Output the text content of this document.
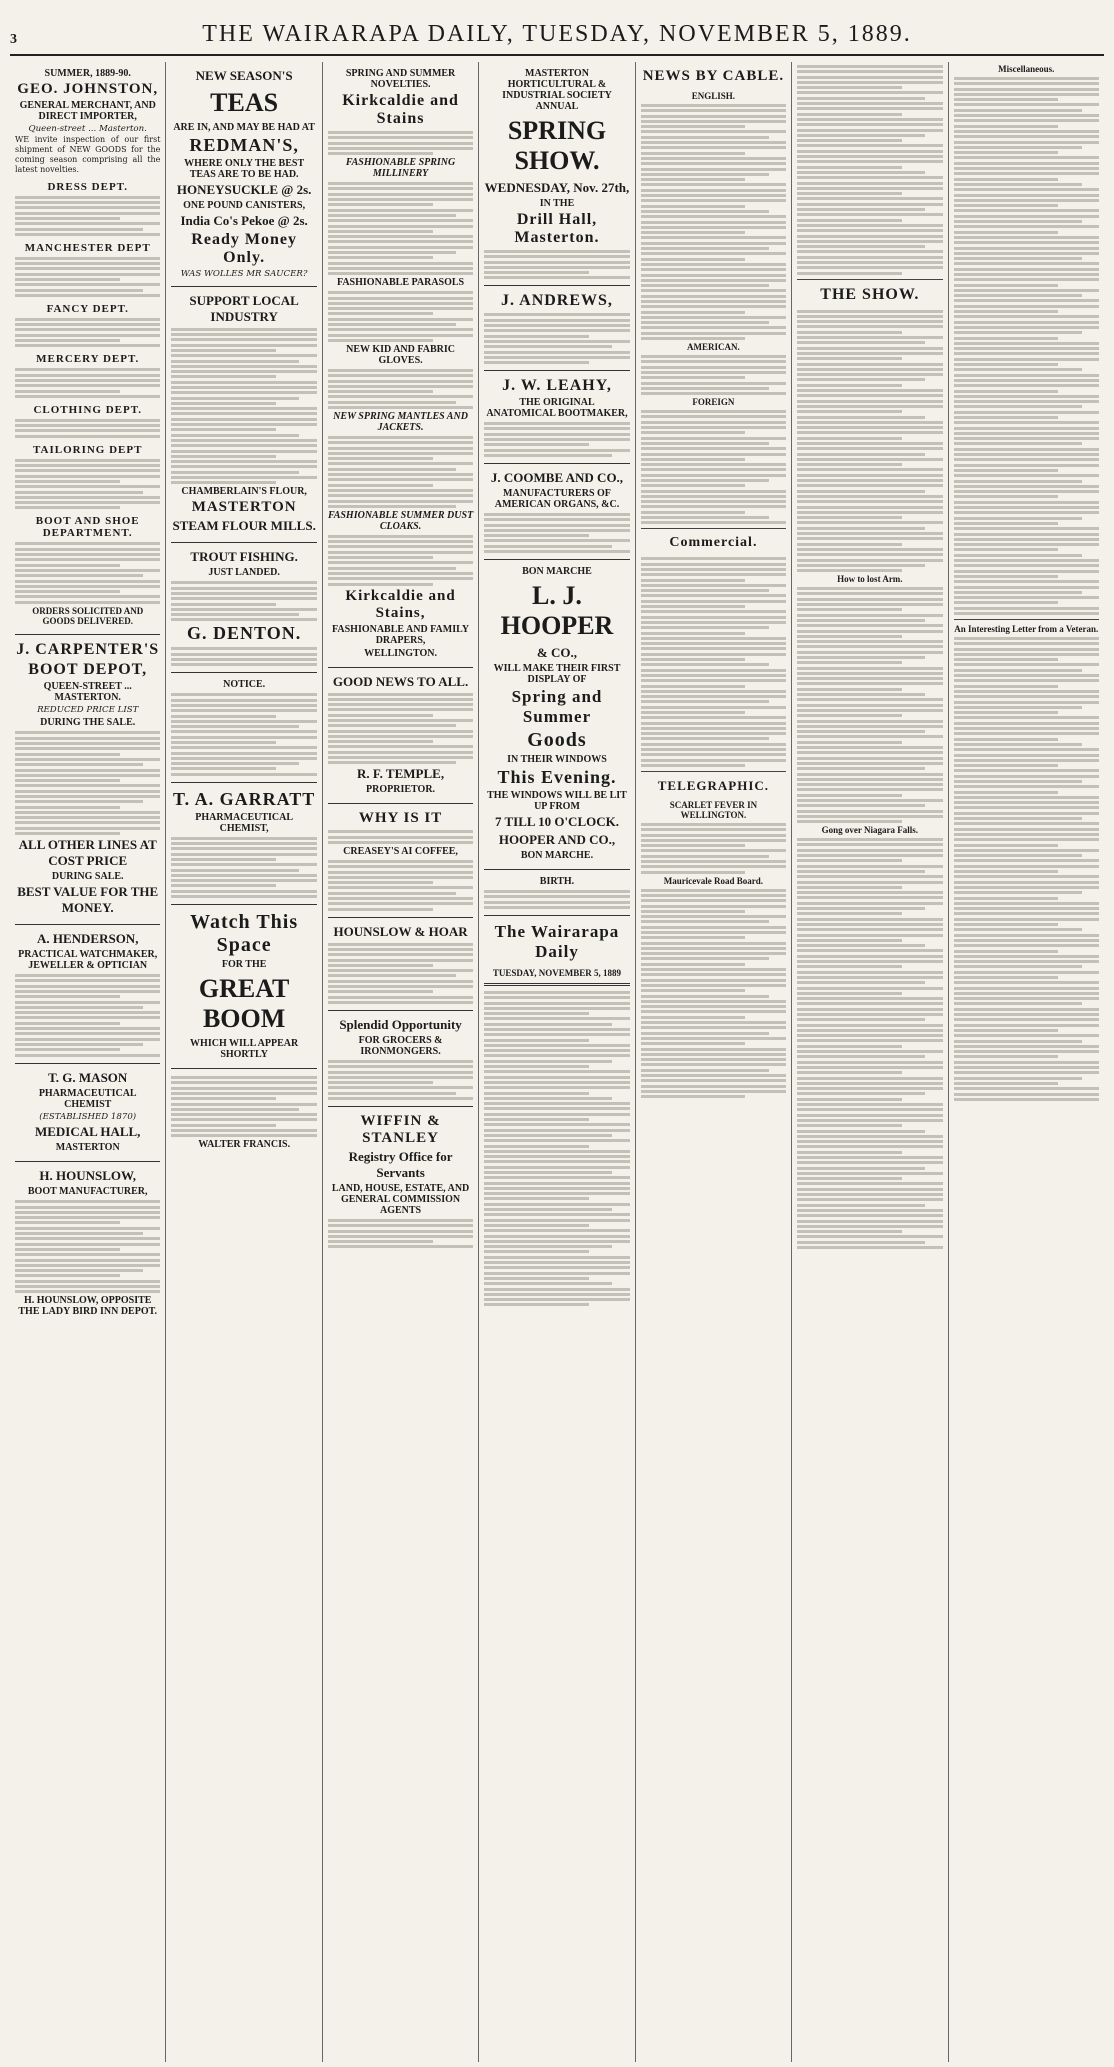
3	THE WAIRARAPA DAILY, TUESDAY, NOVEMBER 5, 1889.
SUMMER, 1889-90.
GEO. JOHNSTON,
GENERAL MERCHANT, AND DIRECT IMPORTER,
Queen-street ... Masterton.
WE invite inspection of our first shipment of NEW GOODS for the coming season comprising all the latest novelties.
DRESS DEPT.
MANCHESTER DEPT
FANCY DEPT.
MERCERY DEPT.
CLOTHING DEPT.
TAILORING DEPT
BOOT AND SHOE DEPARTMENT.
ORDERS SOLICITED AND GOODS DELIVERED.
J. CARPENTER'S
BOOT DEPOT,
QUEEN-STREET ... MASTERTON.
REDUCED PRICE LIST
DURING THE SALE.
ALL OTHER LINES AT COST PRICE
DURING SALE.
BEST VALUE FOR THE MONEY.
A. HENDERSON,
PRACTICAL WATCHMAKER, JEWELLER & OPTICIAN
T. G. MASON
PHARMACEUTICAL CHEMIST
(ESTABLISHED 1870)
MEDICAL HALL,
MASTERTON
H. HOUNSLOW,
BOOT MANUFACTURER,
H. HOUNSLOW, OPPOSITE THE LADY BIRD INN DEPOT.
NEW SEASON'S
TEAS
ARE IN, AND MAY BE HAD AT
REDMAN'S,
WHERE ONLY THE BEST TEAS ARE TO BE HAD.
HONEYSUCKLE @ 2s.
ONE POUND CANISTERS,
India Co's Pekoe @ 2s.
Ready Money Only.
WAS WOLLES MR SAUCER?
SUPPORT LOCAL INDUSTRY
CHAMBERLAIN'S FLOUR,
MASTERTON
STEAM FLOUR MILLS.
TROUT FISHING.
JUST LANDED.
G. DENTON.
NOTICE.
T. A. GARRATT
PHARMACEUTICAL CHEMIST,
Watch This Space
FOR THE
GREAT BOOM
WHICH WILL APPEAR SHORTLY
WALTER FRANCIS.
SPRING AND SUMMER NOVELTIES.
Kirkcaldie and Stains
FASHIONABLE SPRING MILLINERY
FASHIONABLE PARASOLS
NEW KID AND FABRIC GLOVES.
NEW SPRING MANTLES AND JACKETS.
FASHIONABLE SUMMER DUST CLOAKS.
Kirkcaldie and Stains,
FASHIONABLE AND FAMILY DRAPERS,
WELLINGTON.
GOOD NEWS TO ALL.
R. F. TEMPLE,
PROPRIETOR.
WHY IS IT
CREASEY'S AI COFFEE,
HOUNSLOW & HOAR
Splendid Opportunity
FOR GROCERS & IRONMONGERS.
WIFFIN & STANLEY
Registry Office for Servants
LAND, HOUSE, ESTATE, AND GENERAL COMMISSION AGENTS
MASTERTON HORTICULTURAL & INDUSTRIAL SOCIETY ANNUAL
SPRING SHOW.
WEDNESDAY, Nov. 27th,
IN THE
Drill Hall, Masterton.
J. ANDREWS,
J. W. LEAHY,
THE ORIGINAL ANATOMICAL BOOTMAKER,
J. COOMBE AND CO.,
MANUFACTURERS OF AMERICAN ORGANS, &C.
BON MARCHE
L. J. HOOPER
& CO.,
WILL MAKE THEIR FIRST DISPLAY OF
Spring and Summer
Goods
IN THEIR WINDOWS
This Evening.
THE WINDOWS WILL BE LIT UP FROM
7 TILL 10 O'CLOCK.
HOOPER AND CO.,
BON MARCHE.
BIRTH.
The Wairarapa Daily
TUESDAY, NOVEMBER 5, 1889
NEWS BY CABLE.
ENGLISH.
AMERICAN.
FOREIGN
Commercial.
TELEGRAPHIC.
SCARLET FEVER IN WELLINGTON.
Mauricevale Road Board.
THE SHOW.
How to lost Arm.
Gong over Niagara Falls.
Miscellaneous.
An Interesting Letter from a Veteran.
